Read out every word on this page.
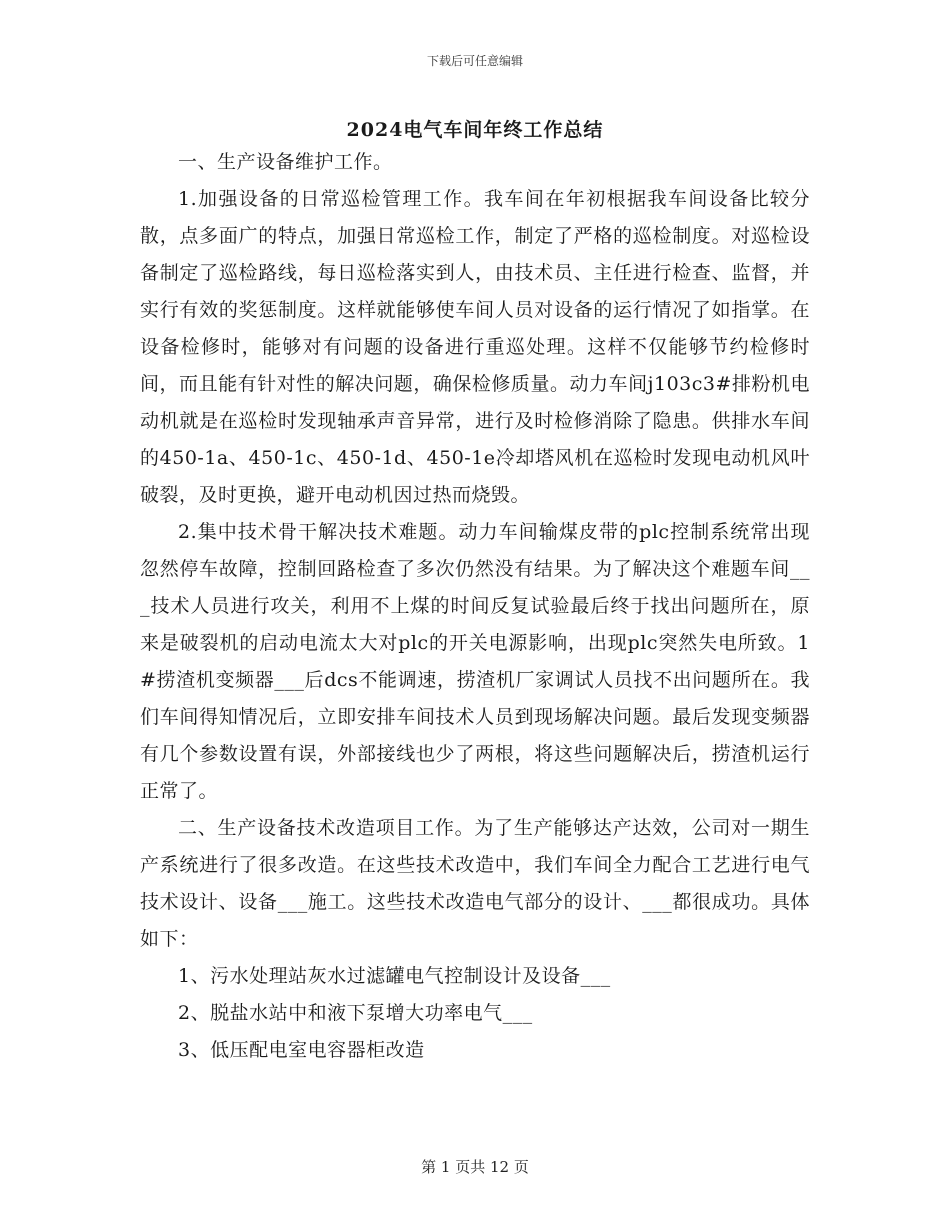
下载后可任意编辑
2024电气车间年终工作总结

一、生产设备维护工作。

1.加强设备的日常巡检管理工作。我车间在年初根据我车间设备比较分散，点多面广的特点，加强日常巡检工作，制定了严格的巡检制度。对巡检设备制定了巡检路线，每日巡检落实到人，由技术员、主任进行检查、监督，并实行有效的奖惩制度。这样就能够使车间人员对设备的运行情况了如指掌。在设备检修时，能够对有问题的设备进行重巡处理。这样不仅能够节约检修时间，而且能有针对性的解决问题，确保检修质量。动力车间j103c3#排粉机电动机就是在巡检时发现轴承声音异常，进行及时检修消除了隐患。供排水车间的450-1a、450-1c、450-1d、450-1e冷却塔风机在巡检时发现电动机风叶破裂，及时更换，避开电动机因过热而烧毁。

2.集中技术骨干解决技术难题。动力车间输煤皮带的plc控制系统常出现忽然停车故障，控制回路检查了多次仍然没有结果。为了解决这个难题车间___技术人员进行攻关，利用不上煤的时间反复试验最后终于找出问题所在，原来是破裂机的启动电流太大对plc的开关电源影响，出现plc突然失电所致。1#捞渣机变频器___后dcs不能调速，捞渣机厂家调试人员找不出问题所在。我们车间得知情况后，立即安排车间技术人员到现场解决问题。最后发现变频器有几个参数设置有误，外部接线也少了两根，将这些问题解决后，捞渣机运行正常了。

二、生产设备技术改造项目工作。为了生产能够达产达效，公司对一期生产系统进行了很多改造。在这些技术改造中，我们车间全力配合工艺进行电气技术设计、设备___施工。这些技术改造电气部分的设计、___都很成功。具体如下：

1、污水处理站灰水过滤罐电气控制设计及设备___

2、脱盐水站中和液下泵增大功率电气___

3、低压配电室电容器柜改造

第 1 页共 12 页
